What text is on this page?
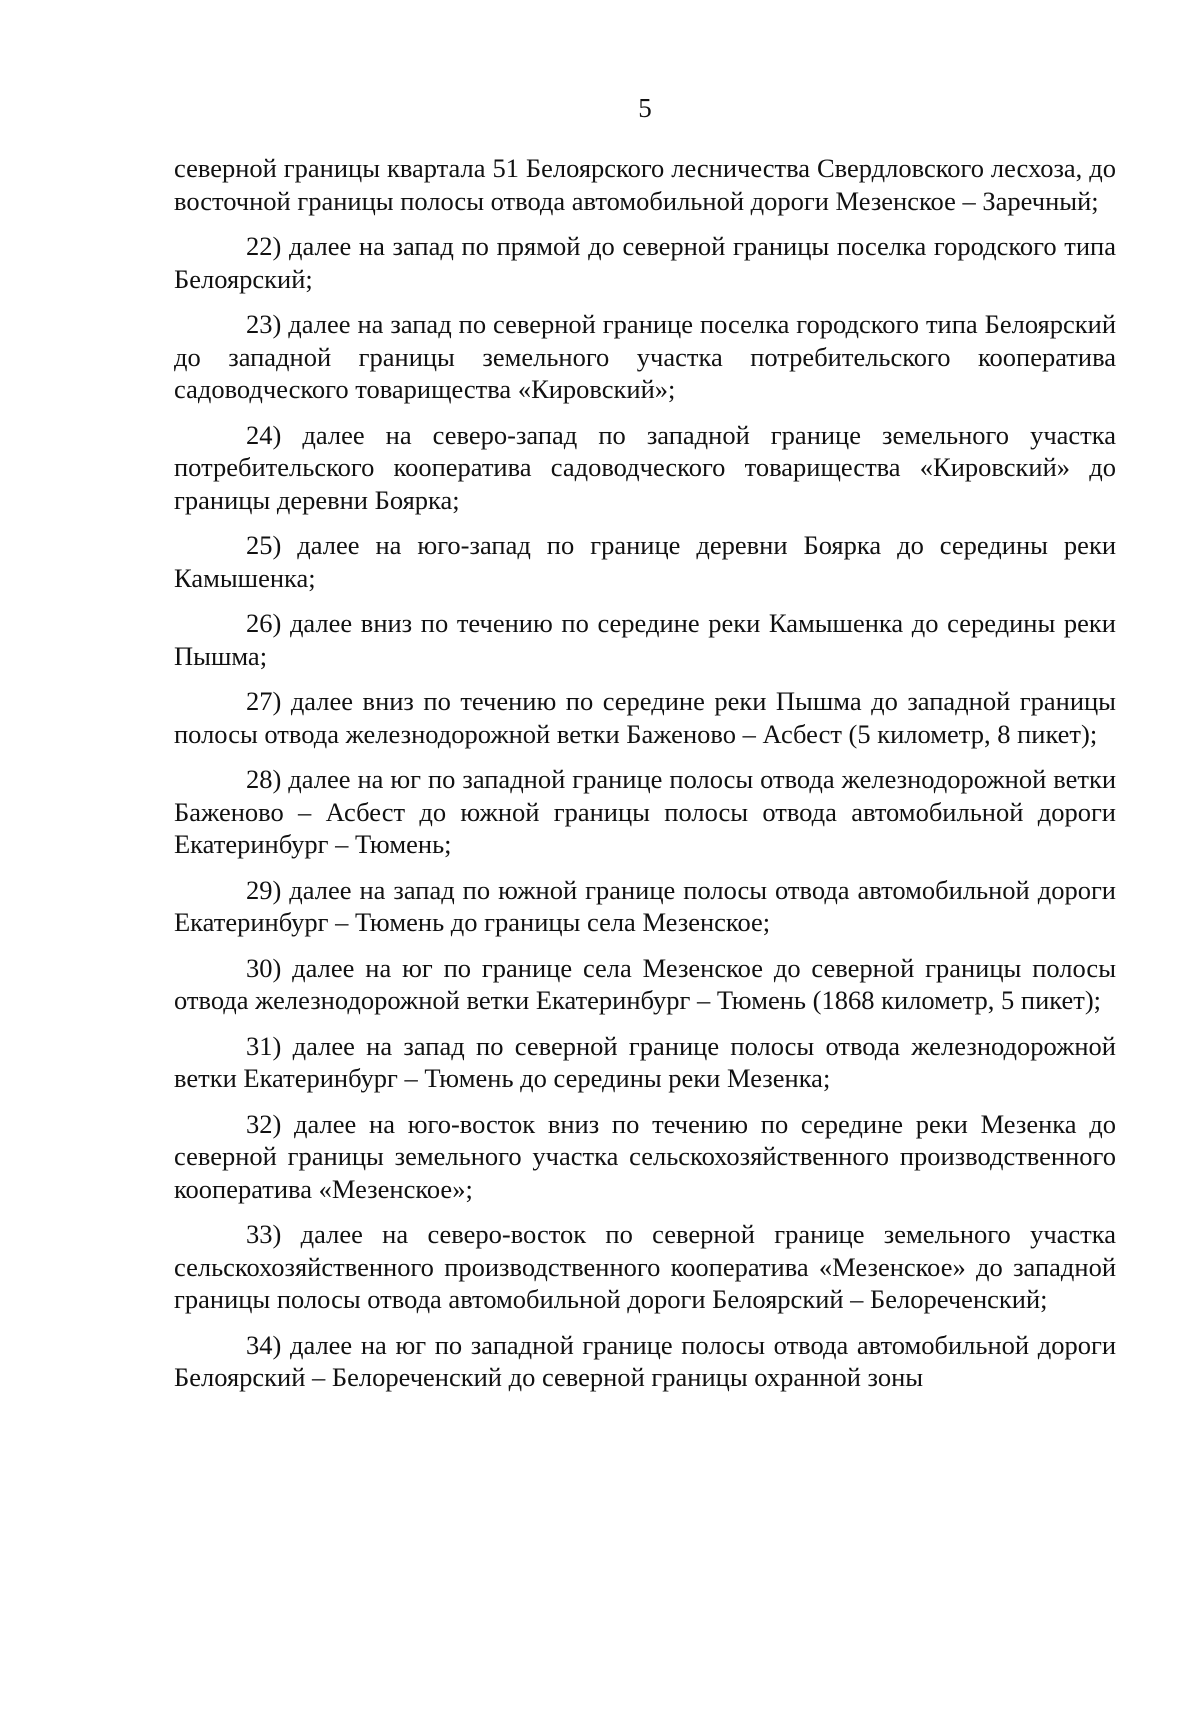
5

северной границы квартала 51 Белоярского лесничества Свердловского лесхоза, до восточной границы полосы отвода автомобильной дороги Мезенское – Заречный;

22) далее на запад по прямой до северной границы поселка городского типа Белоярский;

23) далее на запад по северной границе поселка городского типа Белоярский до западной границы земельного участка потребительского кооператива садоводческого товарищества «Кировский»;

24) далее на северо-запад по западной границе земельного участка потребительского кооператива садоводческого товарищества «Кировский» до границы деревни Боярка;

25) далее на юго-запад по границе деревни Боярка до середины реки Камышенка;

26) далее вниз по течению по середине реки Камышенка до середины реки Пышма;

27) далее вниз по течению по середине реки Пышма до западной границы полосы отвода железнодорожной ветки Баженово – Асбест (5 километр, 8 пикет);

28) далее на юг по западной границе полосы отвода железнодорожной ветки Баженово – Асбест до южной границы полосы отвода автомобильной дороги Екатеринбург – Тюмень;

29) далее на запад по южной границе полосы отвода автомобильной дороги Екатеринбург – Тюмень до границы села Мезенское;

30) далее на юг по границе села Мезенское до северной границы полосы отвода железнодорожной ветки Екатеринбург – Тюмень (1868 километр, 5 пикет);

31) далее на запад по северной границе полосы отвода железнодорожной ветки Екатеринбург – Тюмень до середины реки Мезенка;

32) далее на юго-восток вниз по течению по середине реки Мезенка до северной границы земельного участка сельскохозяйственного производственного кооператива «Мезенское»;

33) далее на северо-восток по северной границе земельного участка сельскохозяйственного производственного кооператива «Мезенское» до западной границы полосы отвода автомобильной дороги Белоярский – Белореченский;

34) далее на юг по западной границе полосы отвода автомобильной дороги Белоярский – Белореченский до северной границы охранной зоны
